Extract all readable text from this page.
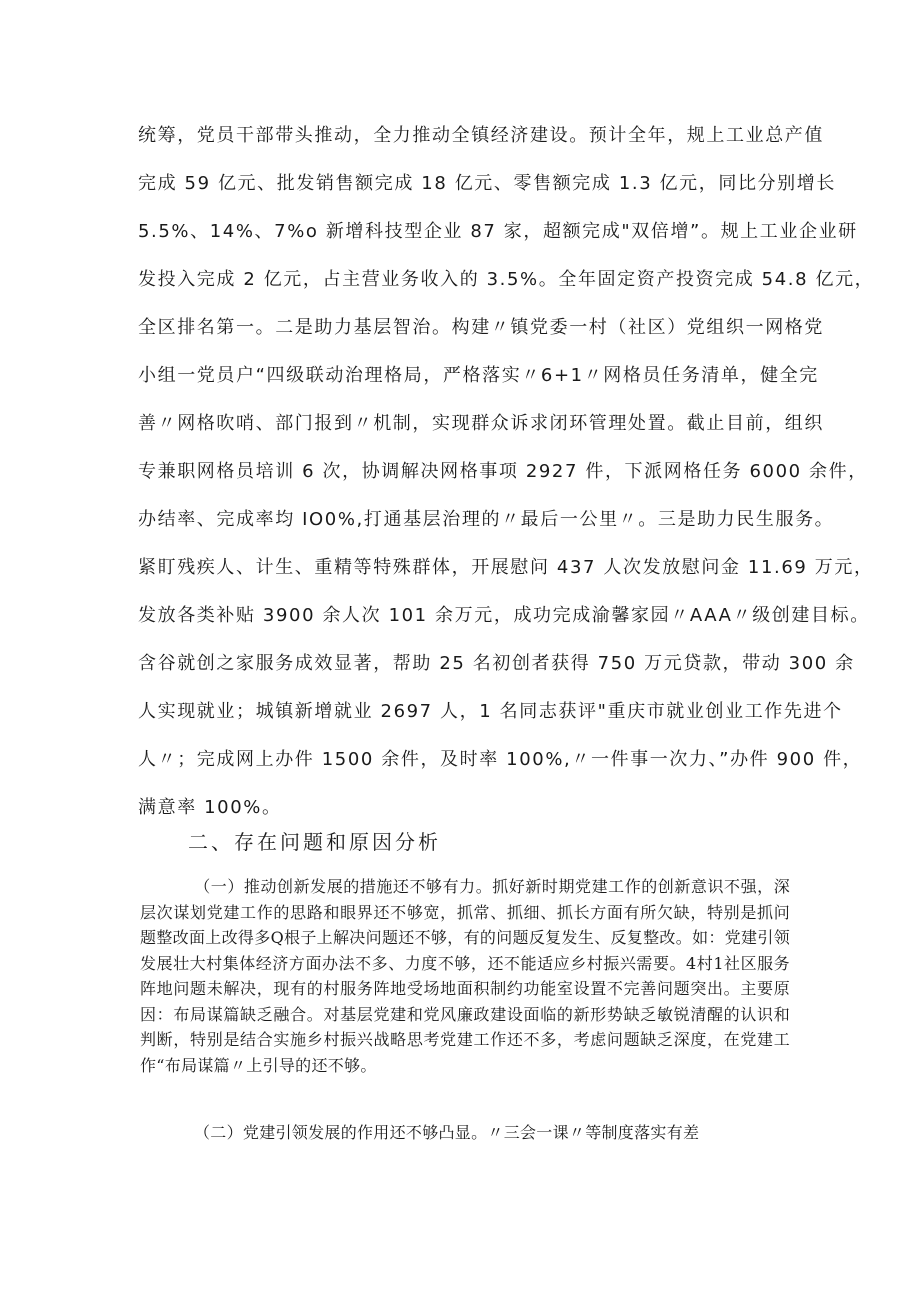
统筹，党员干部带头推动，全力推动全镇经济建设。预计全年，规上工业总产值
完成 59 亿元、批发销售额完成 18 亿元、零售额完成 1.3 亿元，同比分别增长
5.5%、14%、7%o 新增科技型企业 87 家，超额完成"双倍增”。规上工业企业研
发投入完成 2 亿元，占主营业务收入的 3.5%。全年固定资产投资完成 54.8 亿元，
全区排名第一。二是助力基层智治。构建〃镇党委一村（社区）党组织一网格党
小组一党员户“四级联动治理格局，严格落实〃6+1〃网格员任务清单，健全完
善〃网格吹哨、部门报到〃机制，实现群众诉求闭环管理处置。截止目前，组织
专兼职网格员培训 6 次，协调解决网格事项 2927 件，下派网格任务 6000 余件，
办结率、完成率均 IO0%,打通基层治理的〃最后一公里〃。三是助力民生服务。
紧盯残疾人、计生、重精等特殊群体，开展慰问 437 人次发放慰问金 11.69 万元，
发放各类补贴 3900 余人次 101 余万元，成功完成渝馨家园〃AAA〃级创建目标。
含谷就创之家服务成效显著，帮助 25 名初创者获得 750 万元贷款，带动 300 余
人实现就业；城镇新增就业 2697 人，1 名同志获评"重庆市就业创业工作先进个
人〃；完成网上办件 1500 余件，及时率 100%,〃一件事一次力、”办件 900 件，
满意率 100%。
二、存在问题和原因分析
（一）推动创新发展的措施还不够有力。抓好新时期党建工作的创新意识不强，深层次谋划党建工作的思路和眼界还不够宽，抓常、抓细、抓长方面有所欠缺，特别是抓问题整改面上改得多Q根子上解决问题还不够，有的问题反复发生、反复整改。如：党建引领发展壮大村集体经济方面办法不多、力度不够，还不能适应乡村振兴需要。4村1社区服务阵地问题未解决，现有的村服务阵地受场地面积制约功能室设置不完善问题突出。主要原因：布局谋篇缺乏融合。对基层党建和党风廉政建设面临的新形势缺乏敏锐清醒的认识和判断，特别是结合实施乡村振兴战略思考党建工作还不多，考虑问题缺乏深度，在党建工作“布局谋篇〃上引导的还不够。
（二）党建引领发展的作用还不够凸显。〃三会一课〃等制度落实有差
